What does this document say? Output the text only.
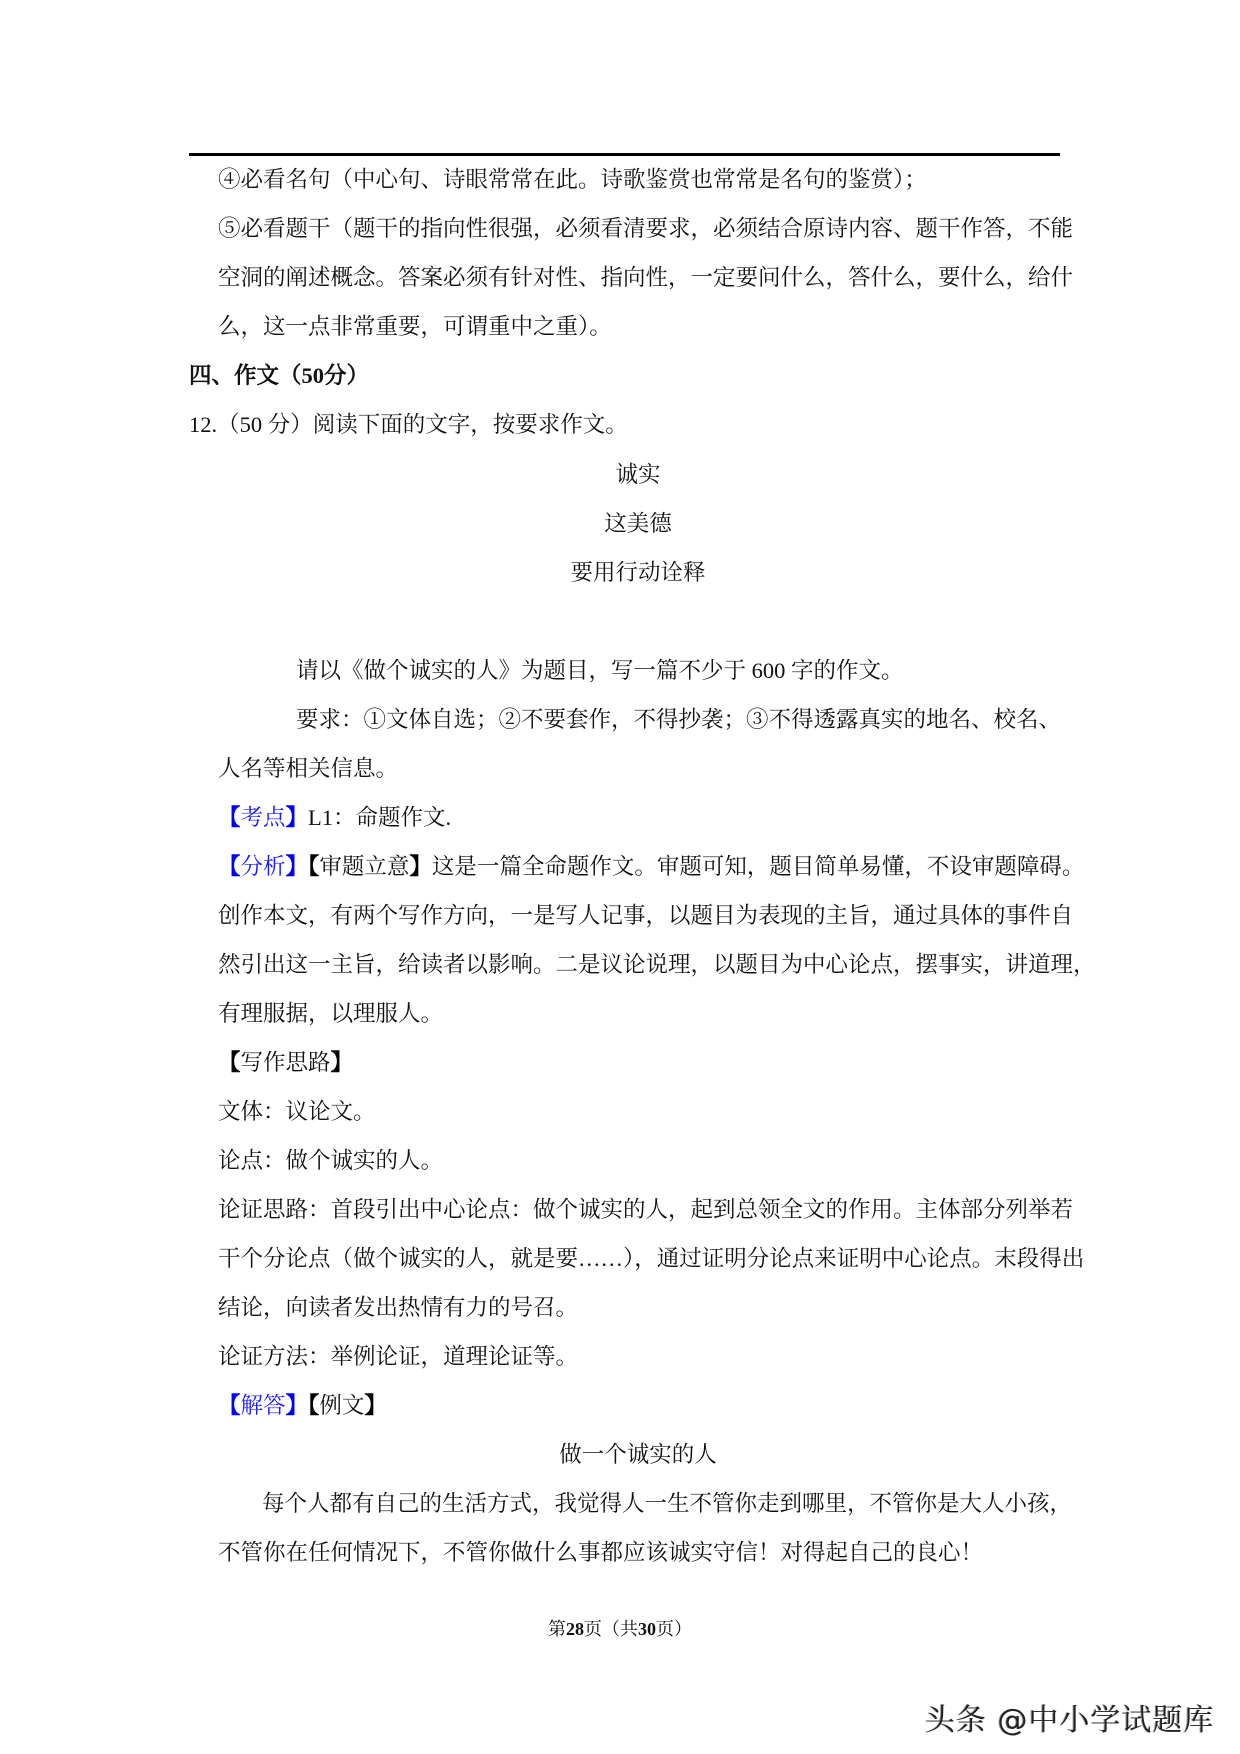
④必看名句（中心句、诗眼常常在此。诗歌鉴赏也常常是名句的鉴赏）；
⑤必看题干（题干的指向性很强，必须看清要求，必须结合原诗内容、题干作答，不能
空洞的阐述概念。答案必须有针对性、指向性，一定要问什么，答什么，要什么，给什
么，这一点非常重要，可谓重中之重）。
四、作文（50分）
12.（50 分）阅读下面的文字，按要求作文。
诚实
这美德
要用行动诠释
请以《做个诚实的人》为题目，写一篇不少于 600 字的作文。
要求：①文体自选；②不要套作，不得抄袭；③不得透露真实的地名、校名、
人名等相关信息。
【考点】L1：命题作文.
【分析】【审题立意】这是一篇全命题作文。审题可知，题目简单易懂，不设审题障碍。
创作本文，有两个写作方向，一是写人记事，以题目为表现的主旨，通过具体的事件自
然引出这一主旨，给读者以影响。二是议论说理，以题目为中心论点，摆事实，讲道理，
有理服据，以理服人。
【写作思路】
文体：议论文。
论点：做个诚实的人。
论证思路：首段引出中心论点：做个诚实的人，起到总领全文的作用。主体部分列举若
干个分论点（做个诚实的人，就是要……），通过证明分论点来证明中心论点。末段得出
结论，向读者发出热情有力的号召。
论证方法：举例论证，道理论证等。
【解答】【例文】
做一个诚实的人
每个人都有自己的生活方式，我觉得人一生不管你走到哪里，不管你是大人小孩，
不管你在任何情况下，不管你做什么事都应该诚实守信！对得起自己的良心！
第28页（共30页）
头条 @中小学试题库
